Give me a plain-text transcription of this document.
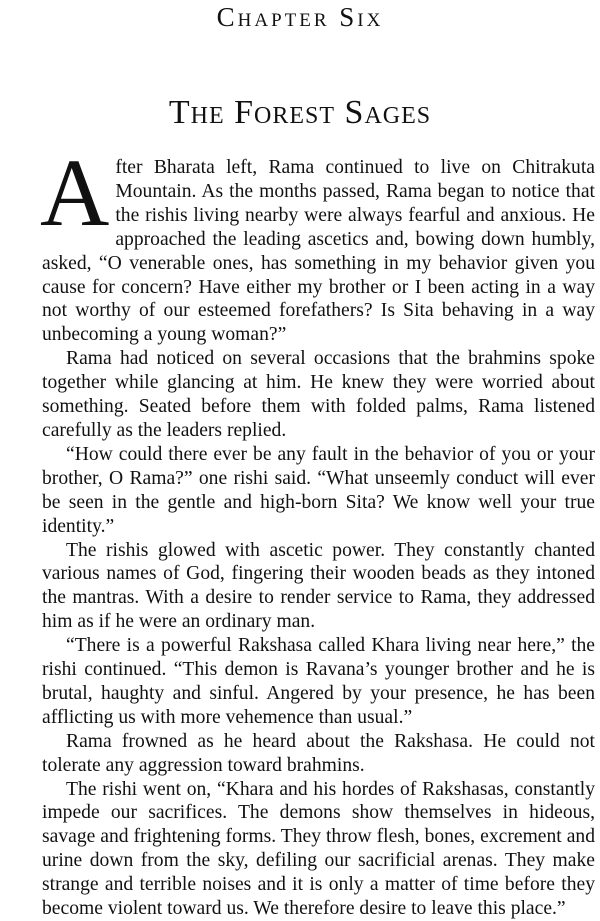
Chapter Six
The Forest Sages

After Bharata left, Rama continued to live on Chitrakuta Mountain. As the months passed, Rama began to notice that the rishis living nearby were always fearful and anxious. He approached the leading ascetics and, bowing down humbly, asked, “O venerable ones, has something in my behavior given you cause for concern? Have either my brother or I been acting in a way not worthy of our esteemed forefathers? Is Sita behaving in a way unbecoming a young woman?”

Rama had noticed on several occasions that the brahmins spoke together while glancing at him. He knew they were worried about something. Seated before them with folded palms, Rama listened carefully as the leaders replied.

“How could there ever be any fault in the behavior of you or your brother, O Rama?” one rishi said. “What unseemly conduct will ever be seen in the gentle and high-born Sita? We know well your true identity.”

The rishis glowed with ascetic power. They constantly chanted various names of God, fingering their wooden beads as they intoned the mantras. With a desire to render service to Rama, they addressed him as if he were an ordinary man.

“There is a powerful Rakshasa called Khara living near here,” the rishi continued. “This demon is Ravana’s younger brother and he is brutal, haughty and sinful. Angered by your presence, he has been afflicting us with more vehemence than usual.”

Rama frowned as he heard about the Rakshasa. He could not tolerate any aggression toward brahmins.

The rishi went on, “Khara and his hordes of Rakshasas, constantly impede our sacrifices. The demons show themselves in hideous, savage and frightening forms. They throw flesh, bones, excrement and urine down from the sky, defiling our sacrificial arenas. They make strange and terrible noises and it is only a matter of time before they become violent toward us. We therefore desire to leave this place.”
